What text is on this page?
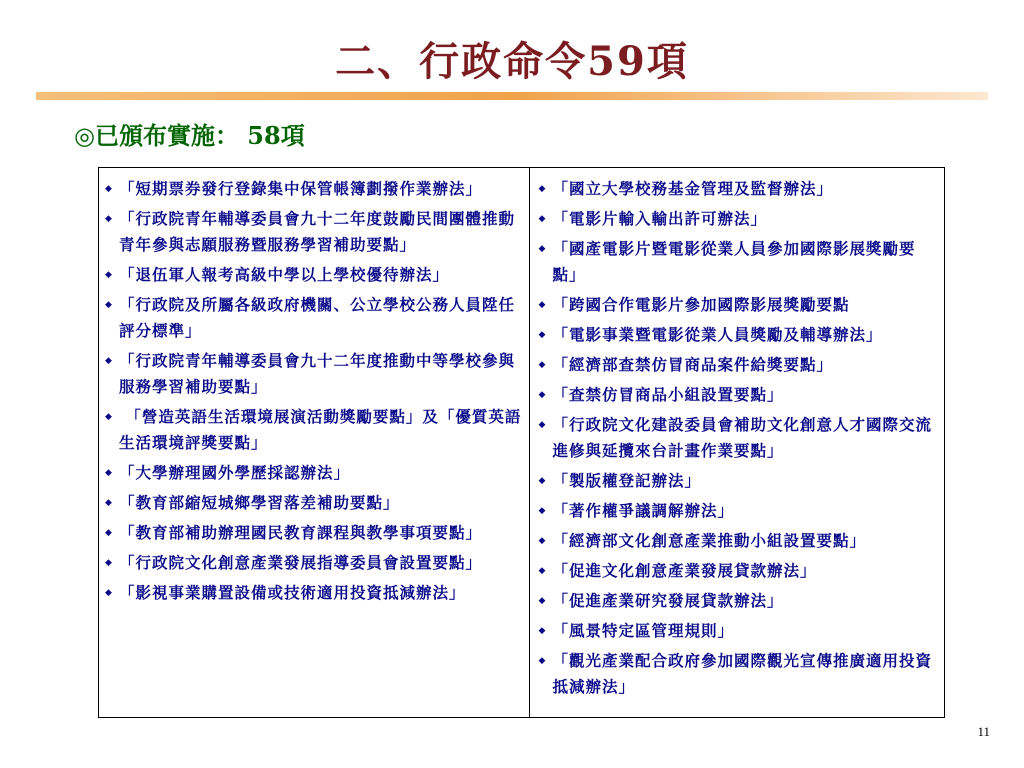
二、行政命令59項
◎已頒布實施： 58項
◆ 「短期票券發行登錄集中保管帳簿劃撥作業辦法」
◆ 「行政院青年輔導委員會九十二年度鼓勵民間團體推動青年參與志願服務暨服務學習補助要點」
◆ 「退伍軍人報考高級中學以上學校優待辦法」
◆ 「行政院及所屬各級政府機關、公立學校公務人員陞任評分標準」
◆ 「行政院青年輔導委員會九十二年度推動中等學校參與服務學習補助要點」
◆ 「營造英語生活環境展演活動獎勵要點」及「優質英語生活環境評獎要點」
◆ 「大學辦理國外學歷採認辦法」
◆ 「教育部縮短城鄉學習落差補助要點」
◆ 「教育部補助辦理國民教育課程與教學事項要點」
◆ 「行政院文化創意產業發展指導委員會設置要點」
◆ 「影視事業購置設備或技術適用投資抵減辦法」
◆ 「國立大學校務基金管理及監督辦法」
◆ 「電影片輸入輸出許可辦法」
◆ 「國產電影片暨電影從業人員參加國際影展獎勵要點」
◆ 「跨國合作電影片參加國際影展獎勵要點
◆ 「電影事業暨電影從業人員獎勵及輔導辦法」
◆ 「經濟部查禁仿冒商品案件給獎要點」
◆ 「查禁仿冒商品小組設置要點」
◆ 「行政院文化建設委員會補助文化創意人才國際交流進修與延攬來台計畫作業要點」
◆ 「製版權登記辦法」
◆ 「著作權爭議調解辦法」
◆ 「經濟部文化創意產業推動小組設置要點」
◆ 「促進文化創意產業發展貸款辦法」
◆ 「促進產業研究發展貸款辦法」
◆ 「風景特定區管理規則」
◆ 「觀光產業配合政府參加國際觀光宣傳推廣適用投資抵減辦法」
11
